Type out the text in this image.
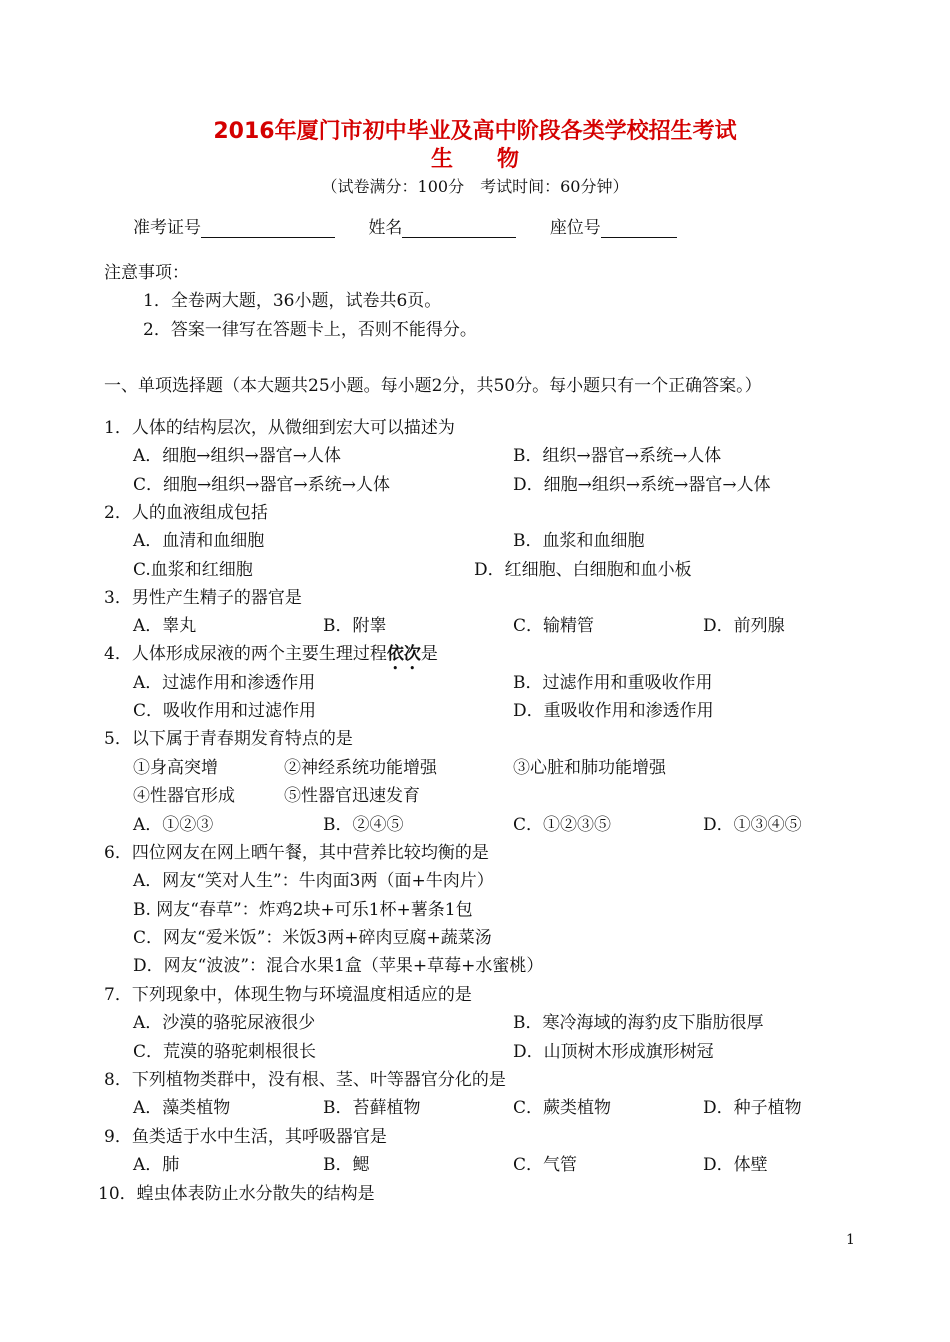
2016年厦门市初中毕业及高中阶段各类学校招生考试
生物
（试卷满分：100分　考试时间：60分钟）
准考证号	姓名	座位号
注意事项：
1．全卷两大题，36小题，试卷共6页。
2．答案一律写在答题卡上，否则不能得分。
一、单项选择题（本大题共25小题。每小题2分，共50分。每小题只有一个正确答案。）
1．人体的结构层次，从微细到宏大可以描述为
A．细胞→组织→器官→人体	B．组织→器官→系统→人体
C．细胞→组织→器官→系统→人体	D．细胞→组织→系统→器官→人体
2．人的血液组成包括
A．血清和血细胞	B．血浆和血细胞
C.血浆和红细胞	D．红细胞、白细胞和血小板
3．男性产生精子的器官是
A．睾丸	B．附睾	C．输精管	D．前列腺
4．人体形成尿液的两个主要生理过程依次是
A．过滤作用和渗透作用	B．过滤作用和重吸收作用
C．吸收作用和过滤作用	D．重吸收作用和渗透作用
5．以下属于青春期发育特点的是
①身高突增	②神经系统功能增强	③心脏和肺功能增强
④性器官形成	⑤性器官迅速发育
A．①②③	B．②④⑤	C．①②③⑤	D．①③④⑤
6．四位网友在网上晒午餐，其中营养比较均衡的是
A．网友“笑对人生”：牛肉面3两（面+牛肉片）
B. 网友“春草”：炸鸡2块+可乐1杯+薯条1包
C．网友“爱米饭”：米饭3两+碎肉豆腐+蔬菜汤
D．网友“波波”：混合水果1盒（苹果+草莓+水蜜桃）
7．下列现象中，体现生物与环境温度相适应的是
A．沙漠的骆驼尿液很少	B．寒冷海域的海豹皮下脂肪很厚
C．荒漠的骆驼刺根很长	D．山顶树木形成旗形树冠
8．下列植物类群中，没有根、茎、叶等器官分化的是
A．藻类植物	B．苔藓植物	C．蕨类植物	D．种子植物
9．鱼类适于水中生活，其呼吸器官是
A．肺	B．鳃	C．气管	D．体壁
10．蝗虫体表防止水分散失的结构是
1
